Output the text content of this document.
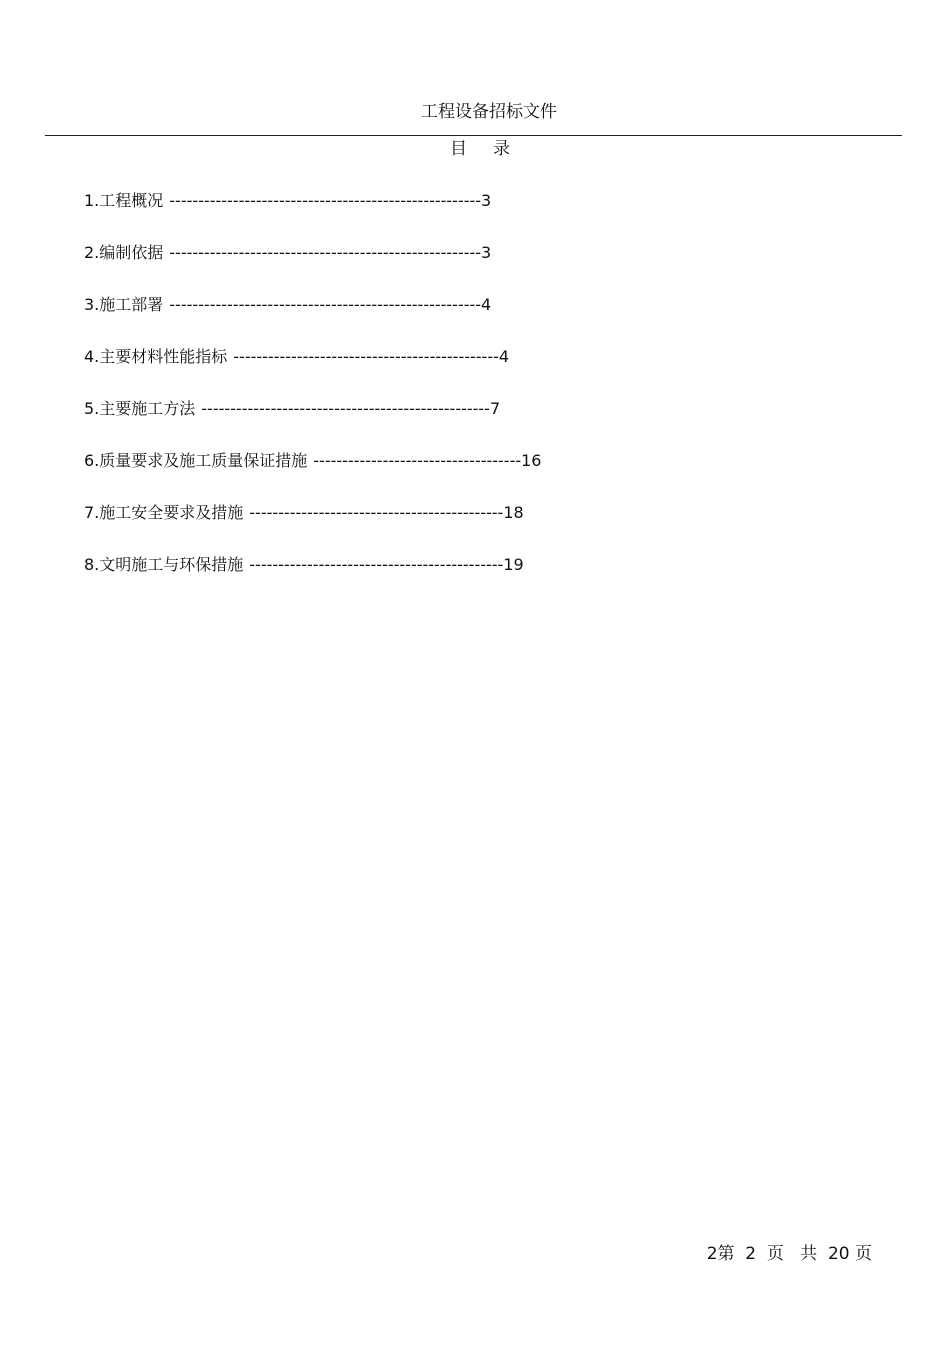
工程设备招标文件
目录
1.工程概况------------------------------------------------------3
2.编制依据------------------------------------------------------3
3.施工部署------------------------------------------------------4
4.主要材料性能指标----------------------------------------------4
5.主要施工方法--------------------------------------------------7
6.质量要求及施工质量保证措施------------------------------------16
7.施工安全要求及措施--------------------------------------------18
8.文明施工与环保措施--------------------------------------------19
2第  2  页   共  20 页
